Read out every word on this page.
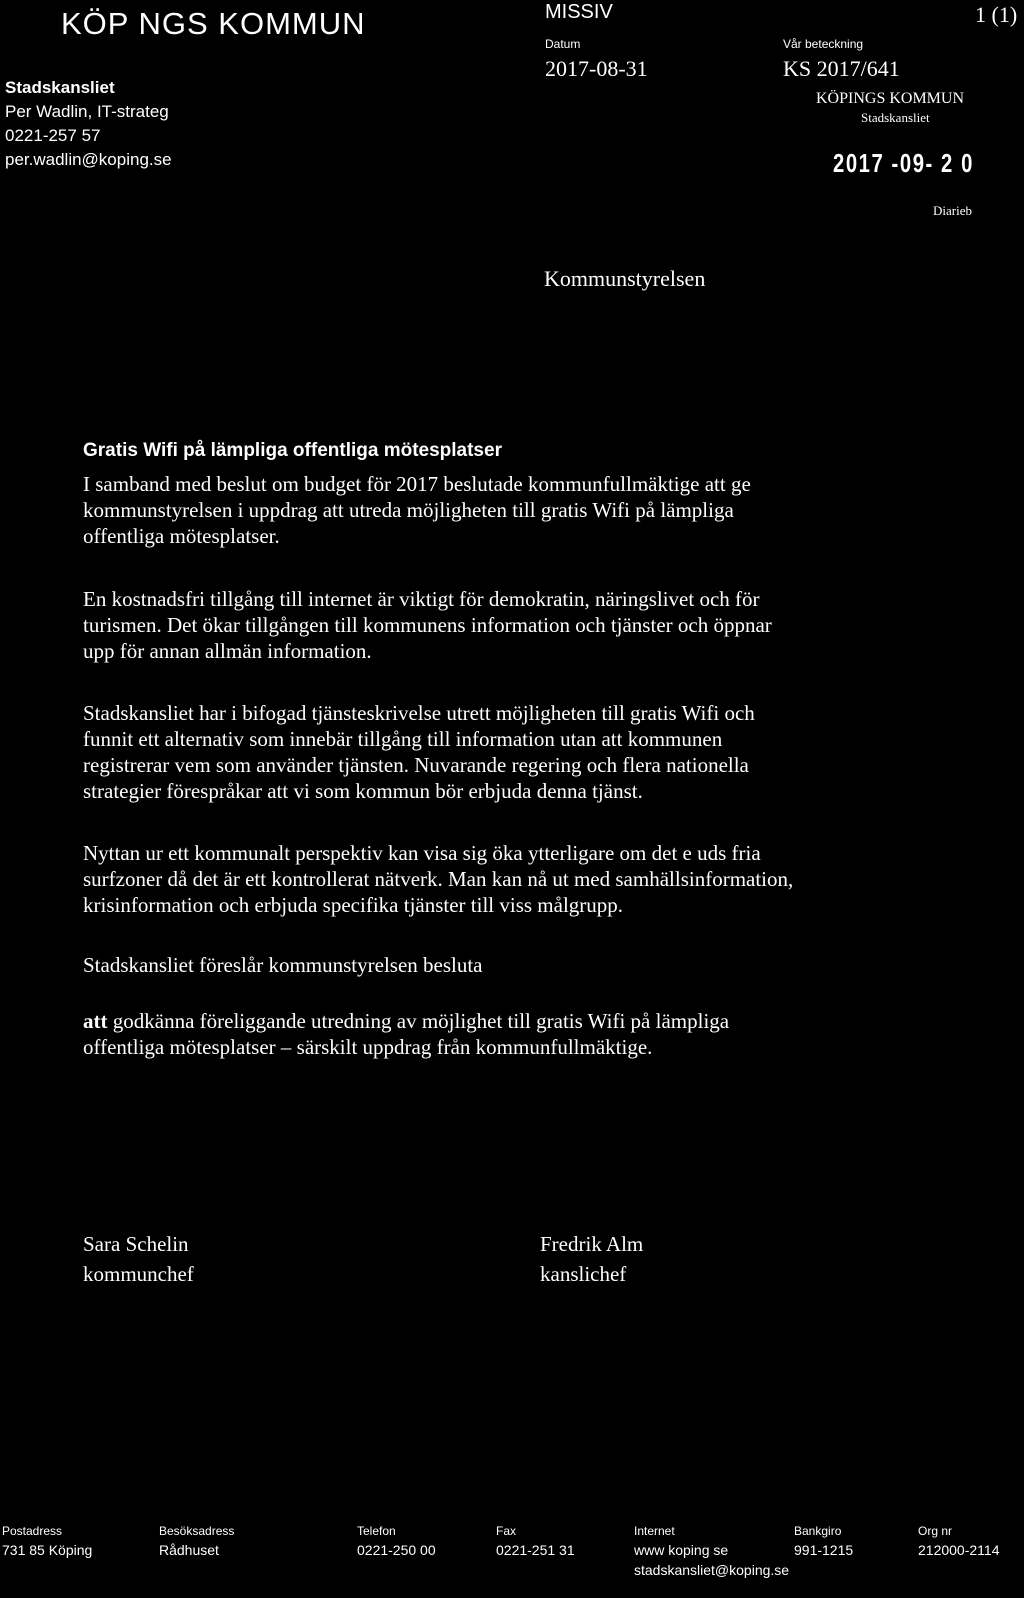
KÖP NGS KOMMUN
Stadskansliet
Per Wadlin, IT-strateg
0221-257 57
per.wadlin@koping.se
MISSIV
Datum
2017-08-31
1 (1)
Vår beteckning
KS 2017/641
KÖPINGS KOMMUN
Stadskansliet
2017 -09- 2 0
Diarieb
Kommunstyrelsen
Gratis Wifi på lämpliga offentliga mötesplatser
I samband med beslut om budget för 2017 beslutade kommunfullmäktige att ge
kommunstyrelsen i uppdrag att utreda möjligheten till gratis Wifi på lämpliga
offentliga mötesplatser.
En kostnadsfri tillgång till internet är viktigt för demokratin, näringslivet och för
turismen. Det ökar tillgången till kommunens information och tjänster och öppnar
upp för annan allmän information.
Stadskansliet har i bifogad tjänsteskrivelse utrett möjligheten till gratis Wifi och
funnit ett alternativ som innebär tillgång till information utan att kommunen
registrerar vem som använder tjänsten. Nuvarande regering och flera nationella
strategier förespråkar att vi som kommun bör erbjuda denna tjänst.
Nyttan ur ett kommunalt perspektiv kan visa sig öka ytterligare om det e uds fria
surfzoner då det är ett kontrollerat nätverk. Man kan nå ut med samhällsinformation,
krisinformation och erbjuda specifika tjänster till viss målgrupp.
Stadskansliet föreslår kommunstyrelsen besluta
att godkänna föreliggande utredning av möjlighet till gratis Wifi på lämpliga
offentliga mötesplatser – särskilt uppdrag från kommunfullmäktige.
Sara Schelin
kommunchef
Fredrik Alm
kanslichef
Postadress
731 85 Köping
Besöksadress
Rådhuset
Telefon
0221-250 00
Fax
0221-251 31
Internet
www koping se
stadskansliet@koping.se
Bankgiro
991-1215
Org nr
212000-2114
